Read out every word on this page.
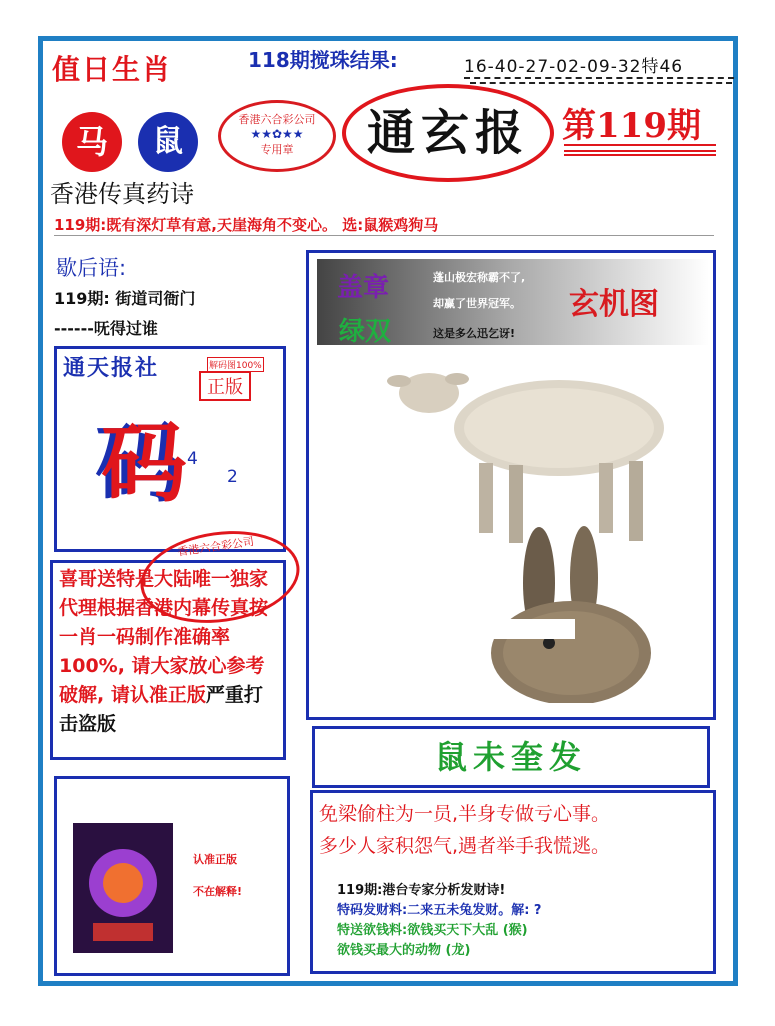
值日生肖	118期搅珠结果:	16-40-27-02-09-32特46
马	鼠
香港六合彩公司
★★✿★★
专用章	通玄报 第119期
香港传真药诗
119期:既有深灯草有意,天崖海角不变心。 选:鼠猴鸡狗马
歇后语:
119期: 街道司衙门
------呒得过谁
通天报社	解码图100%
正版
码 4
2
喜哥送特是大陆唯一独家代理根据香港内幕传真按一肖一码制作准确率100%, 请大家放心参考破解, 请认准正版严重打击盗版
香港六合彩公司
盖章
绿双
蓬山极宏称霸不了,
却赢了世界冠军。
这是多么迅乞讶!
玄机图
鼠未奎发
认准正版
不在解释!
免梁偷柱为一员,半身专做亏心事。
多少人家积怨气,遇者举手我慌逃。
119期:港台专家分析发财诗!
特码发财料:二来五未兔发财。解: ?
特送欲钱料:欲钱买天下大乱 (猴)
欲钱买最大的动物 (龙)
